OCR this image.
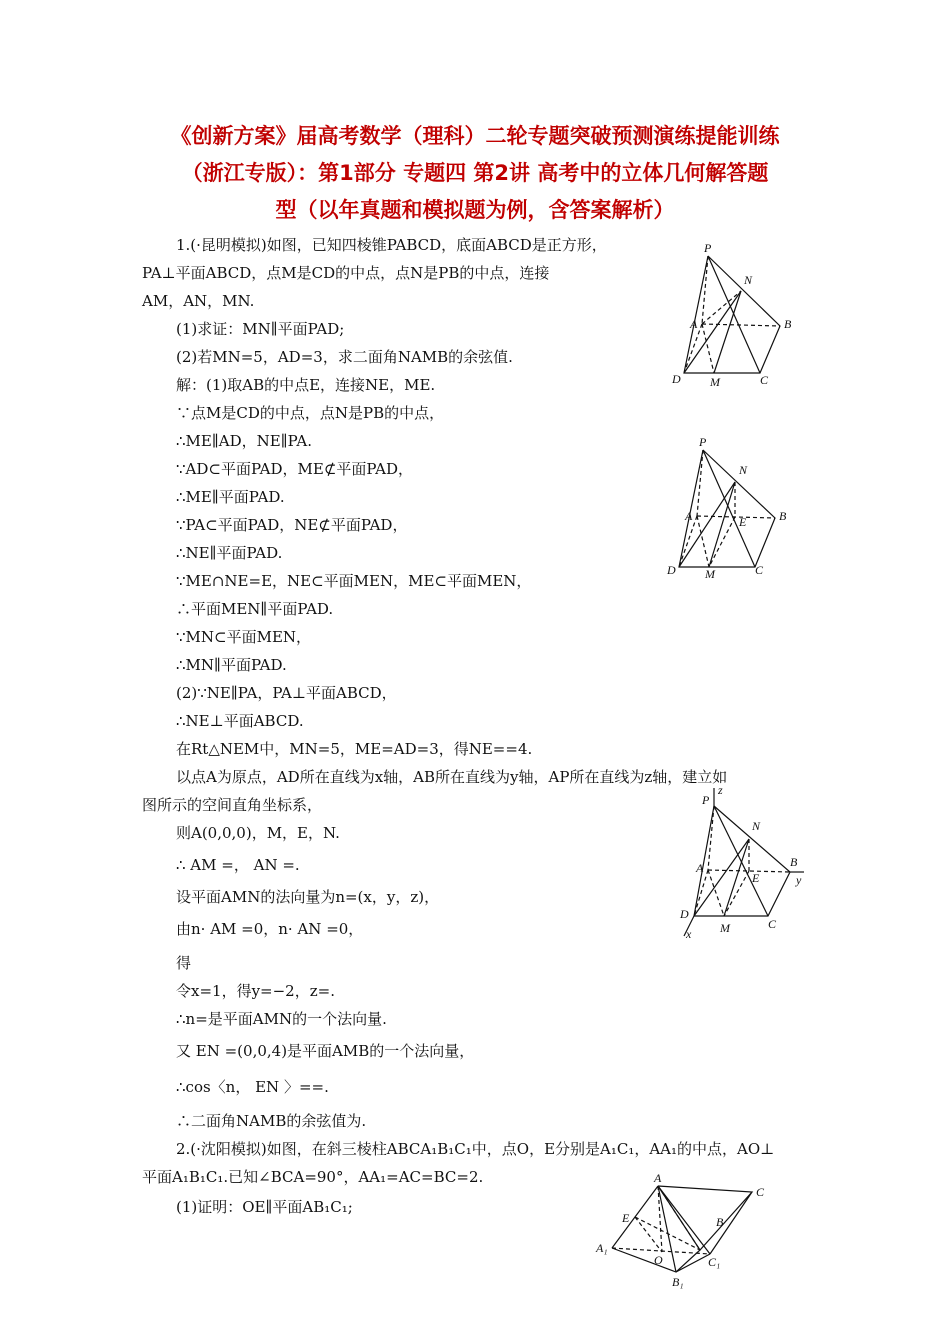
《创新方案》届高考数学（理科）二轮专题突破预测演练提能训练
（浙江专版）：第1部分 专题四 第2讲 高考中的立体几何解答题
型（以年真题和模拟题为例，含答案解析）
1.(·昆明模拟)如图，已知四棱锥PABCD，底面ABCD是正方形，
PA⊥平面ABCD，点M是CD的中点，点N是PB的中点，连接
AM，AN，MN.
(1)求证：MN∥平面PAD;
(2)若MN=5，AD=3，求二面角NAMB的余弦值.
解：(1)取AB的中点E，连接NE，ME.
∵点M是CD的中点，点N是PB的中点，
∴ME∥AD，NE∥PA.
∵AD⊂平面PAD，ME⊄平面PAD，
∴ME∥平面PAD.
∵PA⊂平面PAD，NE⊄平面PAD，
∴NE∥平面PAD.
∵ME∩NE=E，NE⊂平面MEN，ME⊂平面MEN，
∴平面MEN∥平面PAD.
∵MN⊂平面MEN，
∴MN∥平面PAD.
(2)∵NE∥PA，PA⊥平面ABCD，
∴NE⊥平面ABCD.
在Rt△NEM中，MN=5，ME=AD=3，得NE==4.
以点A为原点，AD所在直线为x轴，AB所在直线为y轴，AP所在直线为z轴，建立如
图所示的空间直角坐标系，
则A(0,0,0)，M，E，N.
∴ AM =， AN =.
设平面AMN的法向量为n=(x，y，z)，
由n· AM =0，n· AN =0，
得
令x=1，得y=−2，z=.
∴n=是平面AMN的一个法向量.
又 EN =(0,0,4)是平面AMB的一个法向量，
∴cos〈n， EN 〉==.
∴二面角NAMB的余弦值为.
2.(·沈阳模拟)如图，在斜三棱柱ABCA₁B₁C₁中，点O，E分别是A₁C₁，AA₁的中点，AO⊥
平面A₁B₁C₁.已知∠BCA=90°，AA₁=AC=BC=2.
(1)证明：OE∥平面AB₁C₁;
P
N
A	B
D M	C
P
N
A	E	B
D M	C
P
z
N
A
E
B
y
D
x M	C
A
C
E	B
A₁
O	C₁
B₁
